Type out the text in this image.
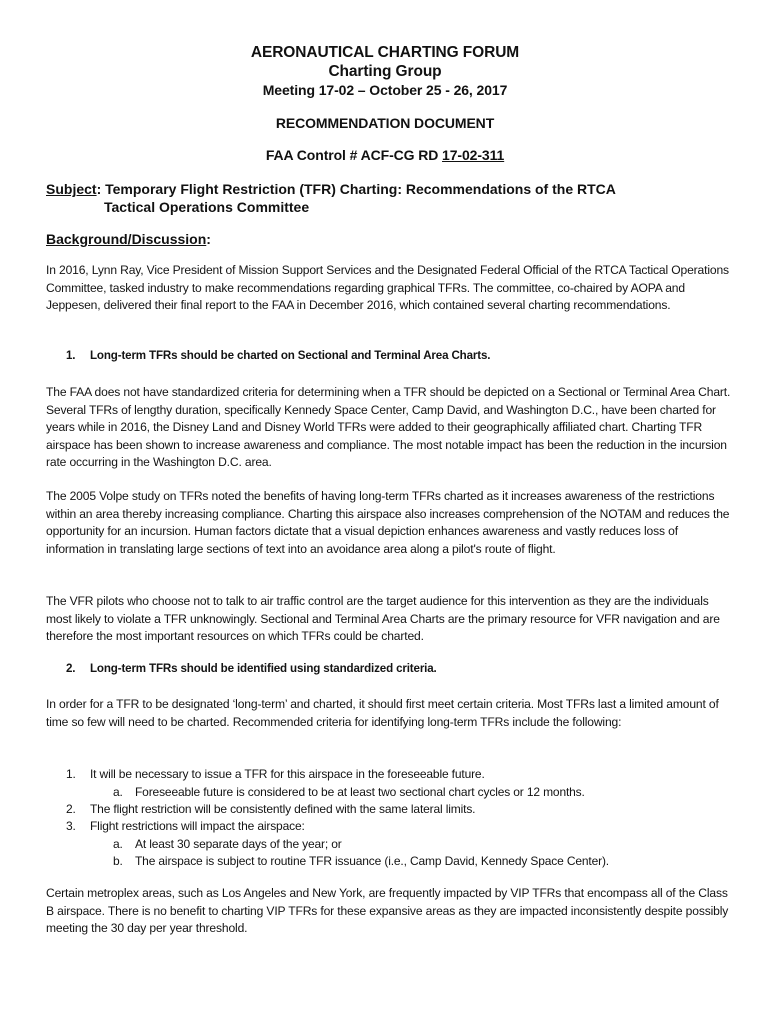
AERONAUTICAL CHARTING FORUM
Charting Group
Meeting 17-02 – October 25 - 26, 2017
RECOMMENDATION DOCUMENT
FAA Control # ACF-CG RD 17-02-311
Subject: Temporary Flight Restriction (TFR) Charting: Recommendations of the RTCA
Tactical Operations Committee
Background/Discussion:

In 2016, Lynn Ray, Vice President of Mission Support Services and the Designated Federal Official of the RTCA Tactical Operations Committee, tasked industry to make recommendations regarding graphical TFRs. The committee, co-chaired by AOPA and Jeppesen, delivered their final report to the FAA in December 2016, which contained several charting recommendations.

1. Long-term TFRs should be charted on Sectional and Terminal Area Charts.

The FAA does not have standardized criteria for determining when a TFR should be depicted on a Sectional or Terminal Area Chart. Several TFRs of lengthy duration, specifically Kennedy Space Center, Camp David, and Washington D.C., have been charted for years while in 2016, the Disney Land and Disney World TFRs were added to their geographically affiliated chart. Charting TFR airspace has been shown to increase awareness and compliance. The most notable impact has been the reduction in the incursion rate occurring in the Washington D.C. area.

The 2005 Volpe study on TFRs noted the benefits of having long-term TFRs charted as it increases awareness of the restrictions within an area thereby increasing compliance. Charting this airspace also increases comprehension of the NOTAM and reduces the opportunity for an incursion. Human factors dictate that a visual depiction enhances awareness and vastly reduces loss of information in translating large sections of text into an avoidance area along a pilot's route of flight.

The VFR pilots who choose not to talk to air traffic control are the target audience for this intervention as they are the individuals most likely to violate a TFR unknowingly. Sectional and Terminal Area Charts are the primary resource for VFR navigation and are therefore the most important resources on which TFRs could be charted.

2. Long-term TFRs should be identified using standardized criteria.

In order for a TFR to be designated ‘long-term’ and charted, it should first meet certain criteria. Most TFRs last a limited amount of time so few will need to be charted. Recommended criteria for identifying long-term TFRs include the following:

1. It will be necessary to issue a TFR for this airspace in the foreseeable future.
a. Foreseeable future is considered to be at least two sectional chart cycles or 12 months.
2. The flight restriction will be consistently defined with the same lateral limits.
3. Flight restrictions will impact the airspace:
a. At least 30 separate days of the year; or
b. The airspace is subject to routine TFR issuance (i.e., Camp David, Kennedy Space Center).

Certain metroplex areas, such as Los Angeles and New York, are frequently impacted by VIP TFRs that encompass all of the Class B airspace. There is no benefit to charting VIP TFRs for these expansive areas as they are impacted inconsistently despite possibly meeting the 30 day per year threshold.
